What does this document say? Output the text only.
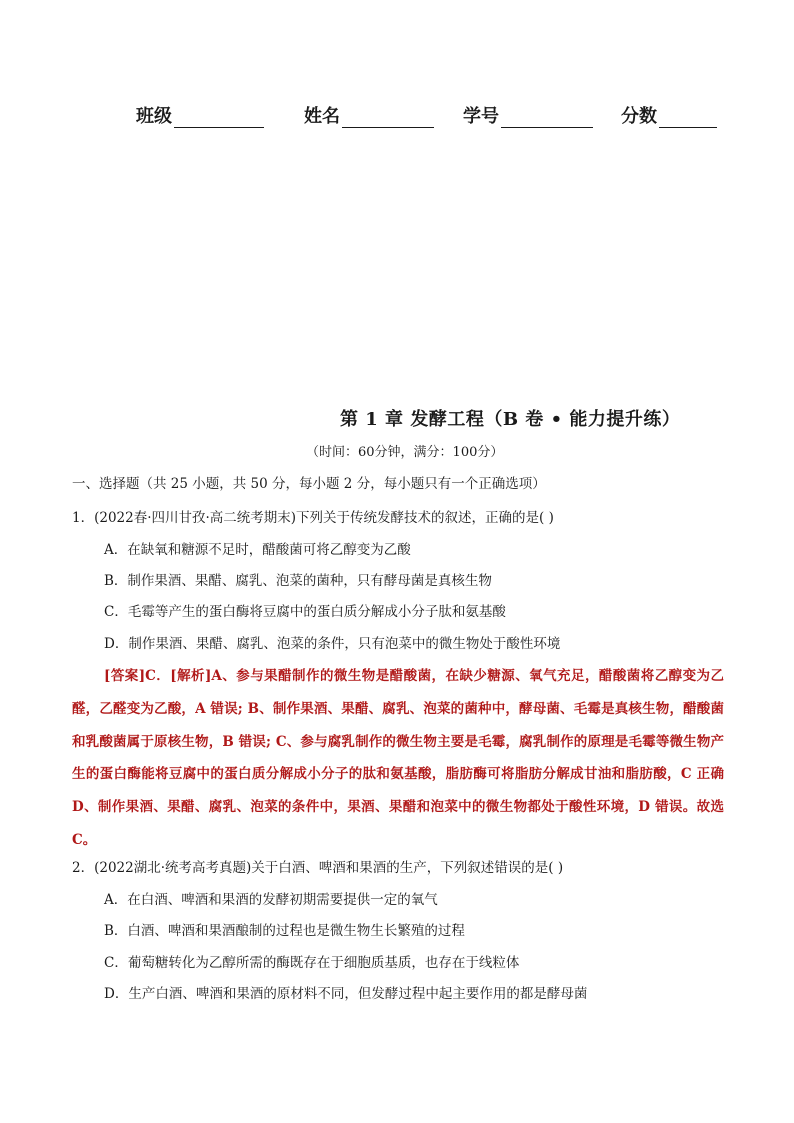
班级	姓名	学号	分数
第 1 章 发酵工程（B 卷 • 能力提升练）
（时间：60分钟，满分：100分）
一、选择题（共 25 小题，共 50 分，每小题 2 分，每小题只有一个正确选项）
1．(2022春·四川甘孜·高二统考期末)下列关于传统发酵技术的叙述，正确的是( )
A．在缺氧和糖源不足时，醋酸菌可将乙醇变为乙酸
B．制作果酒、果醋、腐乳、泡菜的菌种，只有酵母菌是真核生物
C．毛霉等产生的蛋白酶将豆腐中的蛋白质分解成小分子肽和氨基酸
D．制作果酒、果醋、腐乳、泡菜的条件，只有泡菜中的微生物处于酸性环境
[答案]C．[解析]A、参与果醋制作的微生物是醋酸菌，在缺少糖源、氧气充足，醋酸菌将乙醇变为乙醛，乙醛变为乙酸，A 错误; B、制作果酒、果醋、腐乳、泡菜的菌种中，酵母菌、毛霉是真核生物，醋酸菌和乳酸菌属于原核生物，B 错误; C、参与腐乳制作的微生物主要是毛霉，腐乳制作的原理是毛霉等微生物产生的蛋白酶能将豆腐中的蛋白质分解成小分子的肽和氨基酸，脂肪酶可将脂肪分解成甘油和脂肪酸，C 正确 D、制作果酒、果醋、腐乳、泡菜的条件中，果酒、果醋和泡菜中的微生物都处于酸性环境，D 错误。故选 C。
2．(2022湖北·统考高考真题)关于白酒、啤酒和果酒的生产，下列叙述错误的是( )
A．在白酒、啤酒和果酒的发酵初期需要提供一定的氧气
B．白酒、啤酒和果酒酿制的过程也是微生物生长繁殖的过程
C．葡萄糖转化为乙醇所需的酶既存在于细胞质基质，也存在于线粒体
D．生产白酒、啤酒和果酒的原材料不同，但发酵过程中起主要作用的都是酵母菌
